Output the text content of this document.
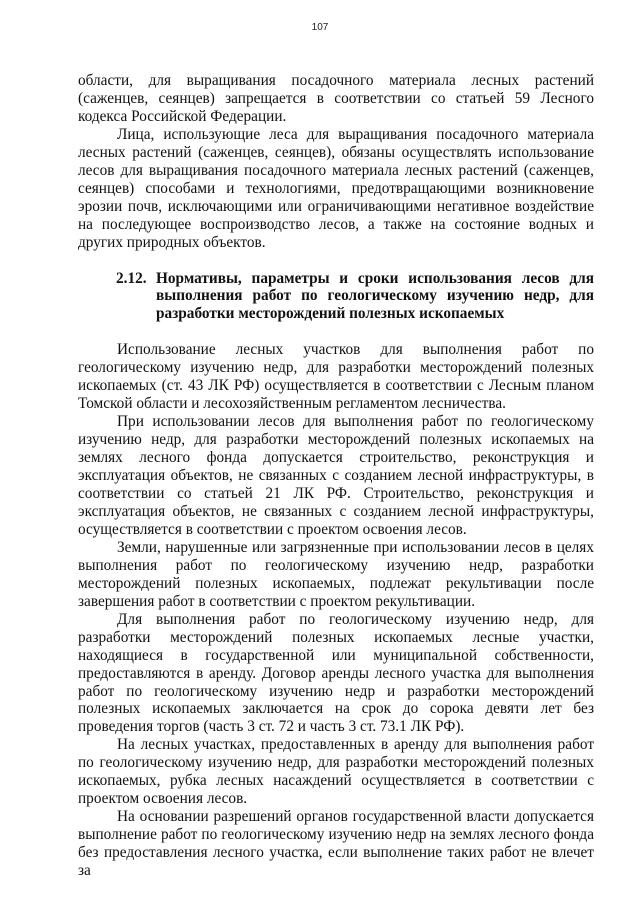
107

области, для выращивания посадочного материала лесных растений (саженцев, сеянцев) запрещается в соответствии со статьей 59 Лесного кодекса Российской Федерации.

Лица, использующие леса для выращивания посадочного материала лесных растений (саженцев, сеянцев), обязаны осуществлять использование лесов для выращивания посадочного материала лесных растений (саженцев, сеянцев) способами и технологиями, предотвращающими возникновение эрозии почв, исключающими или ограничивающими негативное воздействие на последующее воспроизводство лесов, а также на состояние водных и других природных объектов.

2.12. Нормативы, параметры и сроки использования лесов для выполнения работ по геологическому изучению недр, для разработки месторождений полезных ископаемых

Использование лесных участков для выполнения работ по геологическому изучению недр, для разработки месторождений полезных ископаемых (ст. 43 ЛК РФ) осуществляется в соответствии с Лесным планом Томской области и лесохозяйственным регламентом лесничества.

При использовании лесов для выполнения работ по геологическому изучению недр, для разработки месторождений полезных ископаемых на землях лесного фонда допускается строительство, реконструкция и эксплуатация объектов, не связанных с созданием лесной инфраструктуры, в соответствии со статьей 21 ЛК РФ. Строительство, реконструкция и эксплуатация объектов, не связанных с созданием лесной инфраструктуры, осуществляется в соответствии с проектом освоения лесов.

Земли, нарушенные или загрязненные при использовании лесов в целях выполнения работ по геологическому изучению недр, разработки месторождений полезных ископаемых, подлежат рекультивации после завершения работ в соответствии с проектом рекультивации.

Для выполнения работ по геологическому изучению недр, для разработки месторождений полезных ископаемых лесные участки, находящиеся в государственной или муниципальной собственности, предоставляются в аренду. Договор аренды лесного участка для выполнения работ по геологическому изучению недр и разработки месторождений полезных ископаемых заключается на срок до сорока девяти лет без проведения торгов (часть 3 ст. 72 и часть 3 ст. 73.1 ЛК РФ).

На лесных участках, предоставленных в аренду для выполнения работ по геологическому изучению недр, для разработки месторождений полезных ископаемых, рубка лесных насаждений осуществляется в соответствии с проектом освоения лесов.

На основании разрешений органов государственной власти допускается выполнение работ по геологическому изучению недр на землях лесного фонда без предоставления лесного участка, если выполнение таких работ не влечет за
